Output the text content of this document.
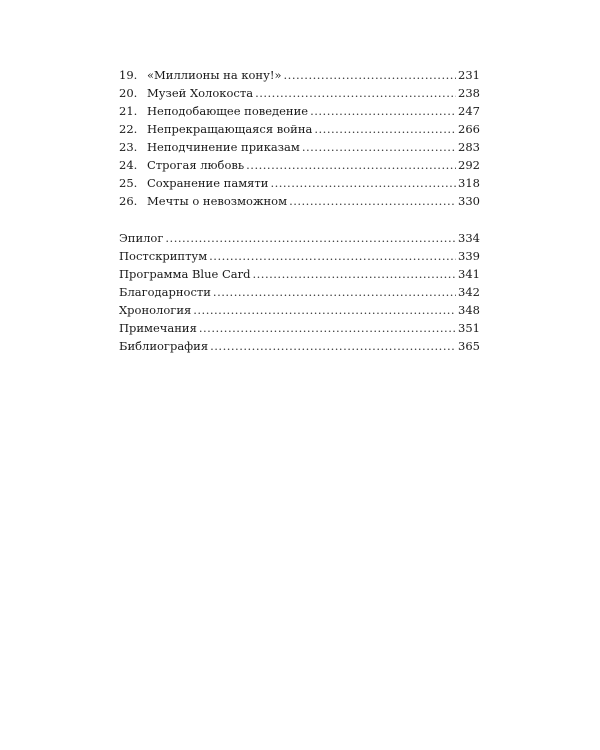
19. «Миллионы на кону!» .....	231
20. Музей Холокоста .....	238
21. Неподобающее поведение .....	247
22. Непрекращающаяся война .....	266
23. Неподчинение приказам .....	283
24. Строгая любовь .....	292
25. Сохранение памяти .....	318
26. Мечты о невозможном .....	330
Эпилог .....	334
Постскриптум .....	339
Программа Blue Card .....	341
Благодарности .....	342
Хронология .....	348
Примечания .....	351
Библиография .....	365
